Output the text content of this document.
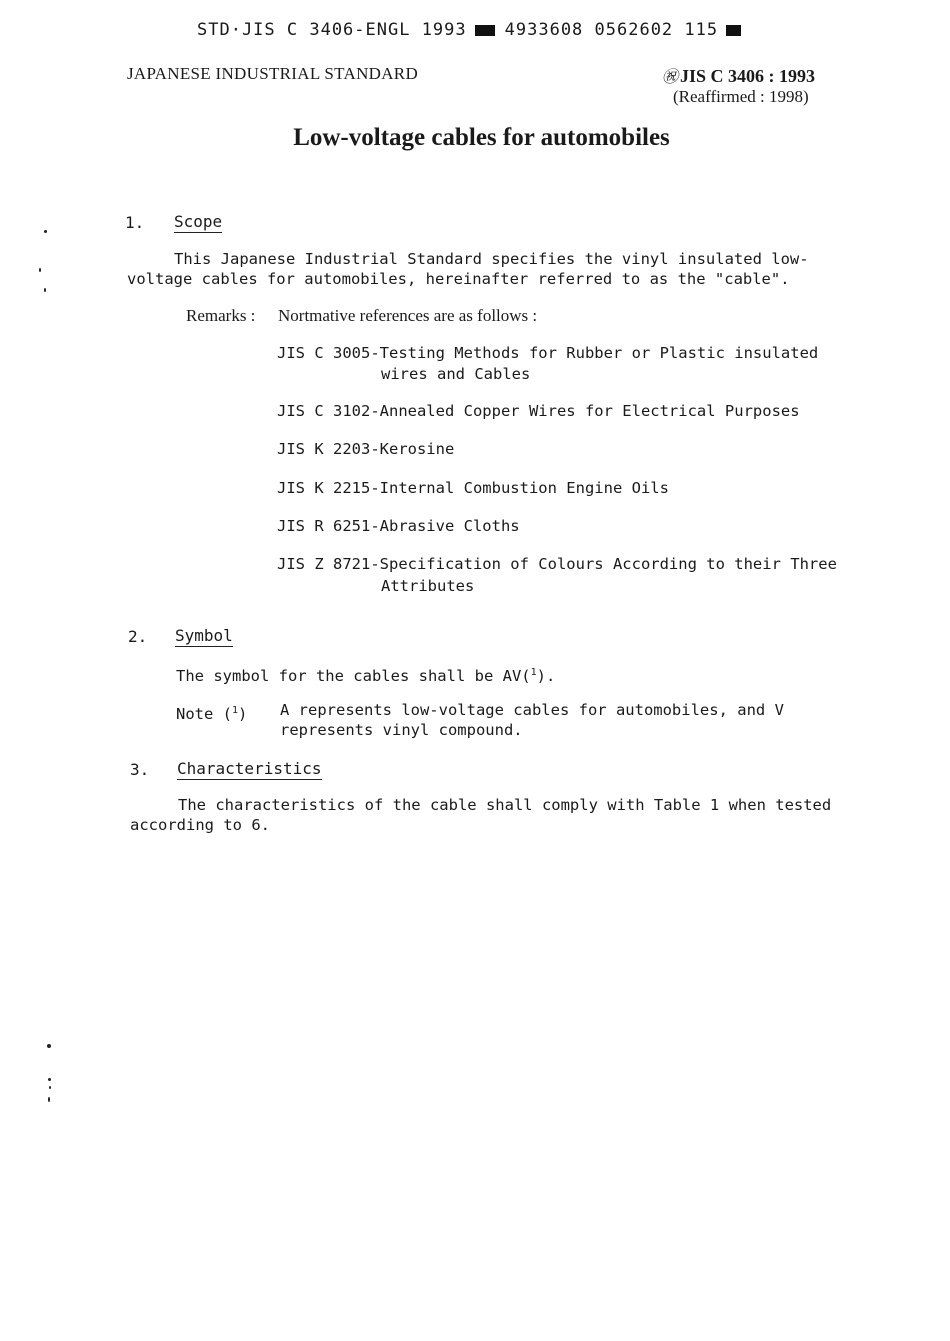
STD·JIS C 3406-ENGL 1993 4933608 0562602 115
JAPANESE INDUSTRIAL STANDARD	㊗ JIS C 3406 : 1993
(Reaffirmed : 1998)
Low-voltage cables for automobiles
1. Scope
This Japanese Industrial Standard specifies the vinyl insulated low-
voltage cables for automobiles, hereinafter referred to as the "cable".
Remarks : Nortmative references are as follows :
JIS C 3005-Testing Methods for Rubber or Plastic insulated
wires and Cables
JIS C 3102-Annealed Copper Wires for Electrical Purposes
JIS K 2203-Kerosine
JIS K 2215-Internal Combustion Engine Oils
JIS R 6251-Abrasive Cloths
JIS Z 8721-Specification of Colours According to their Three
Attributes
2. Symbol
The symbol for the cables shall be AV($^1$).
Note ($^1$) A represents low-voltage cables for automobiles, and V
represents vinyl compound.
3. Characteristics
The characteristics of the cable shall comply with Table 1 when tested
according to 6.
